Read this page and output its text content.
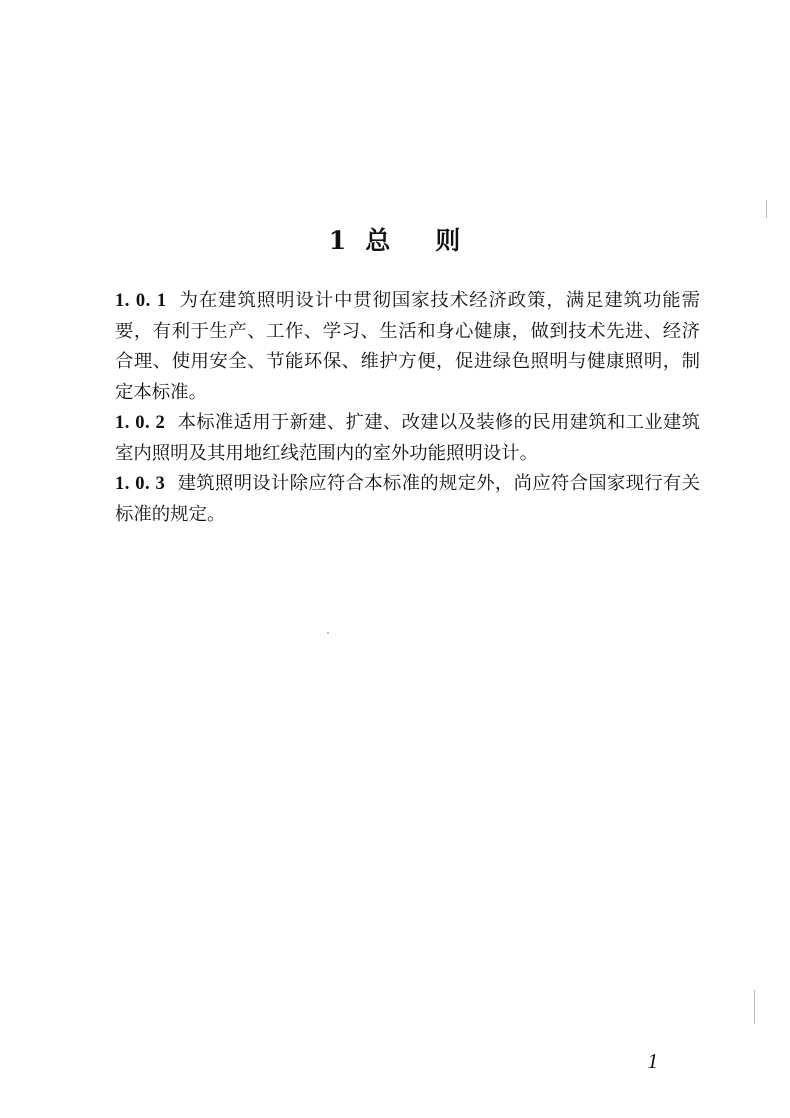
1 总 则

1. 0. 1 为在建筑照明设计中贯彻国家技术经济政策，满足建筑功能需要，有利于生产、工作、学习、生活和身心健康，做到技术先进、经济合理、使用安全、节能环保、维护方便，促进绿色照明与健康照明，制定本标准。

1. 0. 2 本标准适用于新建、扩建、改建以及装修的民用建筑和工业建筑室内照明及其用地红线范围内的室外功能照明设计。

1. 0. 3 建筑照明设计除应符合本标准的规定外，尚应符合国家现行有关标准的规定。

1
